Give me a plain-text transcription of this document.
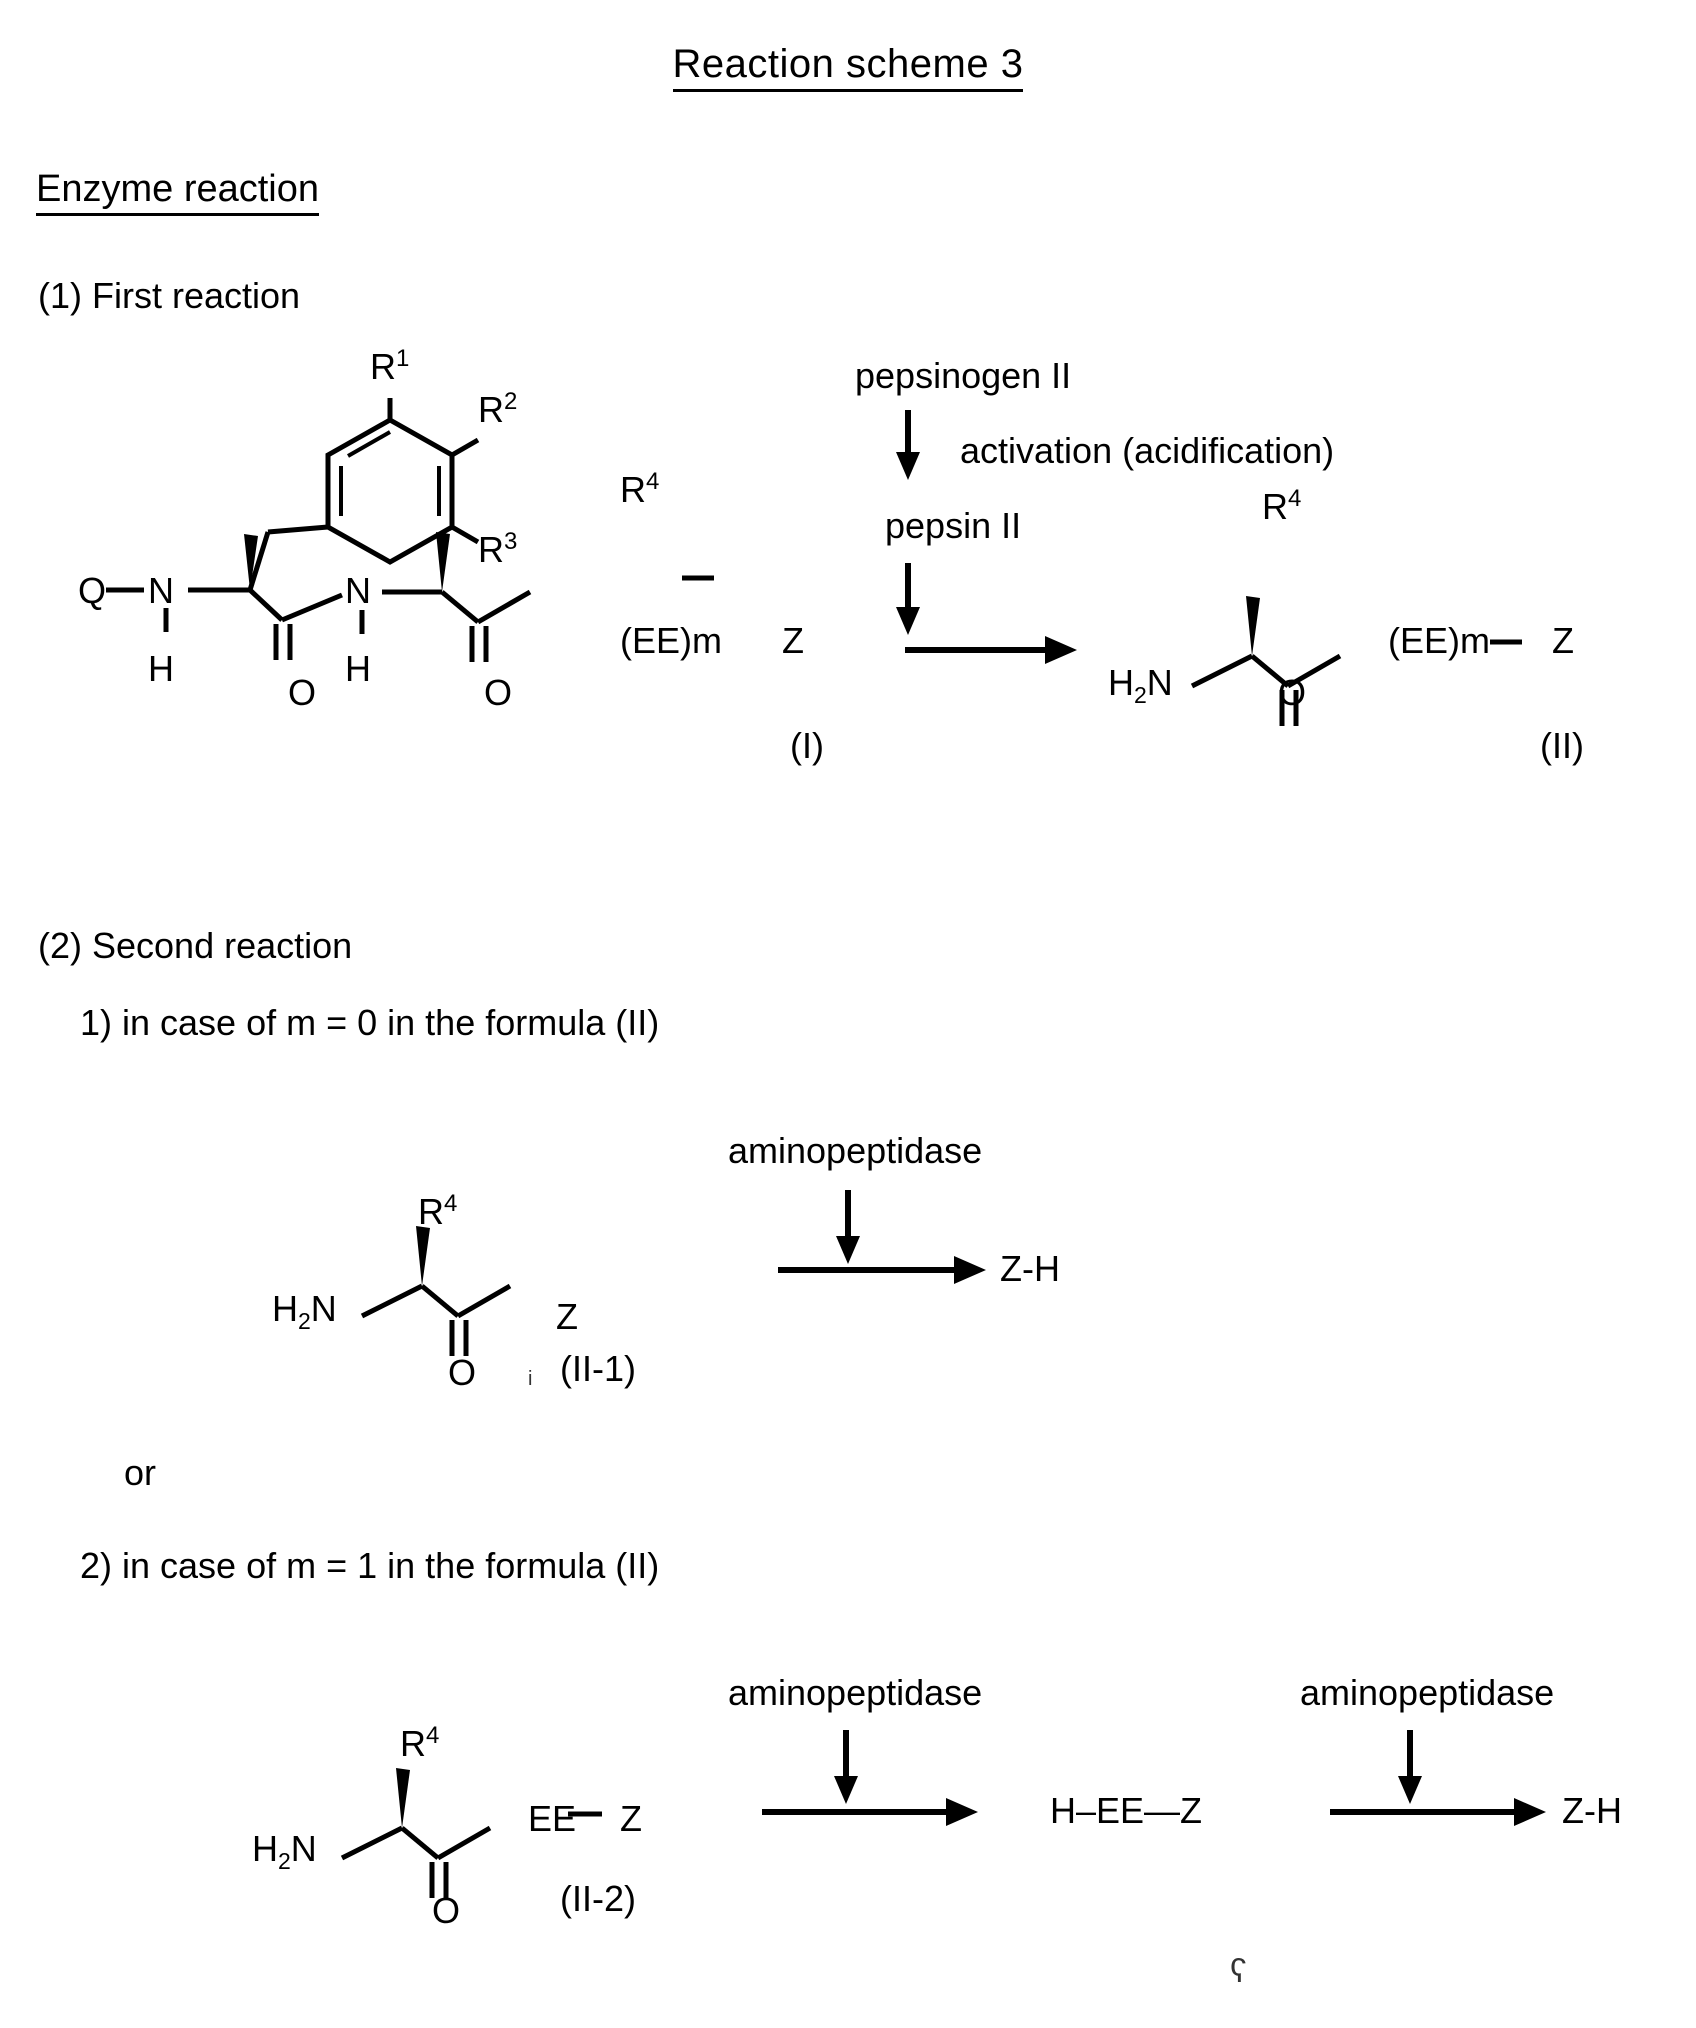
Reaction scheme 3
Enzyme reaction
(1) First reaction
pepsinogen II
activation (acidification)
pepsin II
$R^1$
$R^2$
$R^3$
$R^4$
Q N
H
O
N
H
O
(EE)m Z
(I)
$R^4$
$H_2N$	O
(EE)m Z
(II)
(2) Second reaction
1) in case of m = 0 in the formula (II)
aminopeptidase
Z-H
$R^4$
$H_2N$	Z
O	i (II-1)
or
2) in case of m = 1 in the formula (II)
aminopeptidase	aminopeptidase
H–EE—Z	Z-H
$R^4$
$H_2N$
EE Z
O	(II-2)
ʕ
